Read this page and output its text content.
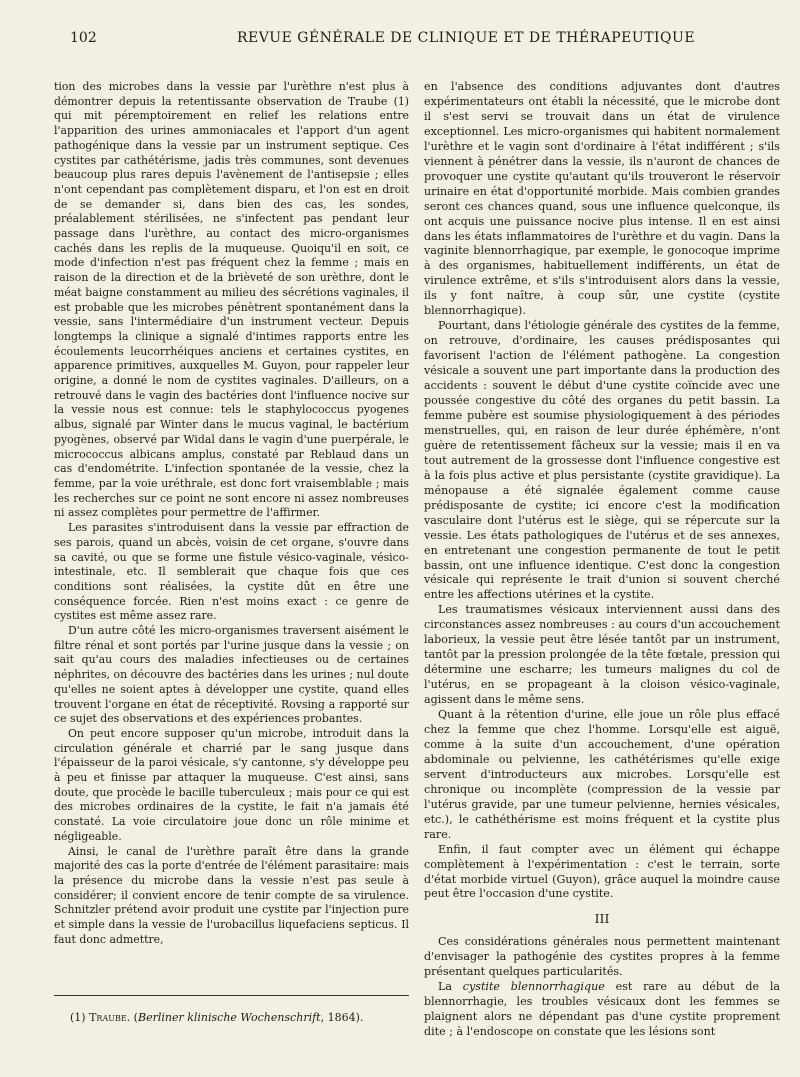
102	REVUE GÉNÉRALE DE CLINIQUE ET DE THÉRAPEUTIQUE

tion des microbes dans la vessie par l'urèthre n'est plus à démontrer depuis la retentissante observation de Traube (1) qui mit péremptoirement en relief les relations entre l'apparition des urines ammoniacales et l'apport d'un agent pathogénique dans la vessie par un instrument septique. Ces cystites par cathétérisme, jadis très communes, sont devenues beaucoup plus rares depuis l'avènement de l'antisepsie ; elles n'ont cependant pas complètement disparu, et l'on est en droit de se demander si, dans bien des cas, les sondes, préalablement stérilisées, ne s'infectent pas pendant leur passage dans l'urèthre, au contact des micro-organismes cachés dans les replis de la muqueuse. Quoiqu'il en soit, ce mode d'infection n'est pas fréquent chez la femme ; mais en raison de la direction et de la brièveté de son urèthre, dont le méat baigne constamment au milieu des sécrétions vaginales, il est probable que les microbes pénètrent spontanément dans la vessie, sans l'intermédiaire d'un instrument vecteur. Depuis longtemps la clinique a signalé d'intimes rapports entre les écoulements leucorrhéiques anciens et certaines cystites, en apparence primitives, auxquelles M. Guyon, pour rappeler leur origine, a donné le nom de cystites vaginales. D'ailleurs, on a retrouvé dans le vagin des bactéries dont l'influence nocive sur la vessie nous est connue: tels le staphylococcus pyogenes albus, signalé par Winter dans le mucus vaginal, le bactérium pyogènes, observé par Widal dans le vagin d'une puerpérale, le micrococcus albicans amplus, constaté par Reblaud dans un cas d'endométrite. L'infection spontanée de la vessie, chez la femme, par la voie uréthrale, est donc fort vraisemblable ; mais les recherches sur ce point ne sont encore ni assez nombreuses ni assez complètes pour permettre de l'affirmer.

Les parasites s'introduisent dans la vessie par effraction de ses parois, quand un abcès, voisin de cet organe, s'ouvre dans sa cavité, ou que se forme une fistule vésico-vaginale, vésico-intestinale, etc. Il semblerait que chaque fois que ces conditions sont réalisées, la cystite dût en être une conséquence forcée. Rien n'est moins exact : ce genre de cystites est même assez rare.

D'un autre côté les micro-organismes traversent aisément le filtre rénal et sont portés par l'urine jusque dans la vessie ; on sait qu'au cours des maladies infectieuses ou de certaines néphrites, on découvre des bactéries dans les urines ; nul doute qu'elles ne soient aptes à développer une cystite, quand elles trouvent l'organe en état de réceptivité. Rovsing a rapporté sur ce sujet des observations et des expériences probantes.

On peut encore supposer qu'un microbe, introduit dans la circulation générale et charrié par le sang jusque dans l'épaisseur de la paroi vésicale, s'y cantonne, s'y développe peu à peu et finisse par attaquer la muqueuse. C'est ainsi, sans doute, que procède le bacille tuberculeux ; mais pour ce qui est des microbes ordinaires de la cystite, le fait n'a jamais été constaté. La voie circulatoire joue donc un rôle minime et négligeable.

Ainsi, le canal de l'urèthre paraît être dans la grande majorité des cas la porte d'entrée de l'élément parasitaire: mais la présence du microbe dans la vessie n'est pas seule à considérer; il convient encore de tenir compte de sa virulence. Schnitzler prétend avoir produit une cystite par l'injection pure et simple dans la vessie de l'urobacillus liquefaciens septicus. Il faut donc admettre,

en l'absence des conditions adjuvantes dont d'autres expérimentateurs ont établi la nécessité, que le microbe dont il s'est servi se trouvait dans un état de virulence exceptionnel. Les micro-organismes qui habitent normalement l'urèthre et le vagin sont d'ordinaire à l'état indifférent ; s'ils viennent à pénétrer dans la vessie, ils n'auront de chances de provoquer une cystite qu'autant qu'ils trouveront le réservoir urinaire en état d'opportunité morbide. Mais combien grandes seront ces chances quand, sous une influence quelconque, ils ont acquis une puissance nocive plus intense. Il en est ainsi dans les états inflammatoires de l'urèthre et du vagin. Dans la vaginite blennorrhagique, par exemple, le gonocoque imprime à des organismes, habituellement indifférents, un état de virulence extrême, et s'ils s'introduisent alors dans la vessie, ils y font naître, à coup sûr, une cystite (cystite blennorrhagique).

Pourtant, dans l'étiologie générale des cystites de la femme, on retrouve, d'ordinaire, les causes prédisposantes qui favorisent l'action de l'élément pathogène. La congestion vésicale a souvent une part importante dans la production des accidents : souvent le début d'une cystite coïncide avec une poussée congestive du côté des organes du petit bassin. La femme pubère est soumise physiologiquement à des périodes menstruelles, qui, en raison de leur durée éphémère, n'ont guère de retentissement fâcheux sur la vessie; mais il en va tout autrement de la grossesse dont l'influence congestive est à la fois plus active et plus persistante (cystite gravidique). La ménopause a été signalée également comme cause prédisposante de cystite; ici encore c'est la modification vasculaire dont l'utérus est le siège, qui se répercute sur la vessie. Les états pathologiques de l'utérus et de ses annexes, en entretenant une congestion permanente de tout le petit bassin, ont une influence identique. C'est donc la congestion vésicale qui représente le trait d'union si souvent cherché entre les affections utérines et la cystite.

Les traumatismes vésicaux interviennent aussi dans des circonstances assez nombreuses : au cours d'un accouchement laborieux, la vessie peut être lésée tantôt par un instrument, tantôt par la pression prolongée de la tête fœtale, pression qui détermine une escharre; les tumeurs malignes du col de l'utérus, en se propageant à la cloison vésico-vaginale, agissent dans le même sens.

Quant à la rétention d'urine, elle joue un rôle plus effacé chez la femme que chez l'homme. Lorsqu'elle est aiguë, comme à la suite d'un accouchement, d'une opération abdominale ou pelvienne, les cathétérismes qu'elle exige servent d'introducteurs aux microbes. Lorsqu'elle est chronique ou incomplète (compression de la vessie par l'utérus gravide, par une tumeur pelvienne, hernies vésicales, etc.), le cathéthérisme est moins fréquent et la cystite plus rare.

Enfin, il faut compter avec un élément qui échappe complètement à l'expérimentation : c'est le terrain, sorte d'état morbide virtuel (Guyon), grâce auquel la moindre cause peut être l'occasion d'une cystite.

III

Ces considérations générales nous permettent maintenant d'envisager la pathogénie des cystites propres à la femme présentant quelques particularités.

La cystite blennorrhagique est rare au début de la blennorrhagie, les troubles vésicaux dont les femmes se plaignent alors ne dépendant pas d'une cystite proprement dite ; à l'endoscope on constate que les lésions sont

(1) Traube. (Berliner klinische Wochenschrift, 1864).
